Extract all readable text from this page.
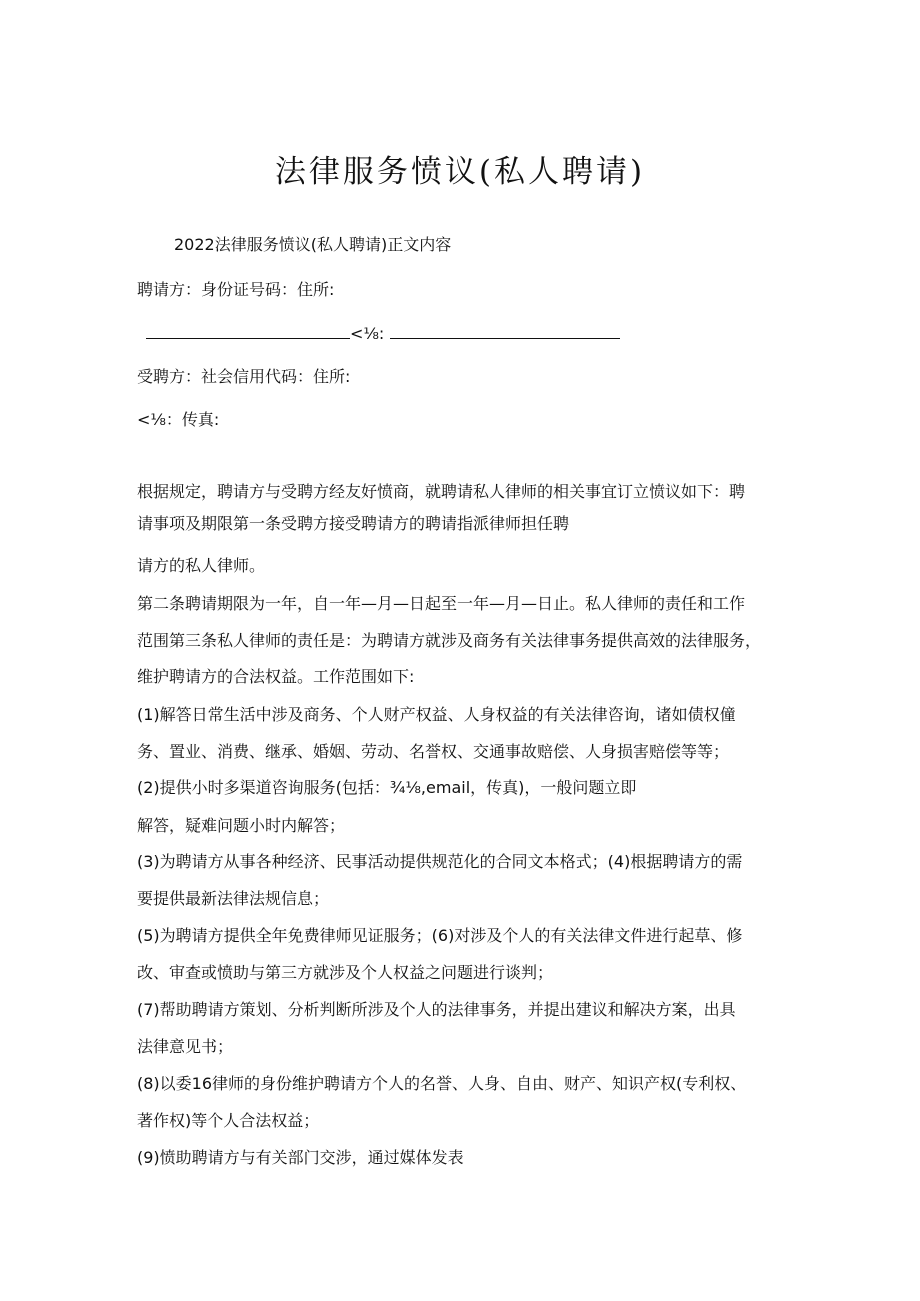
法律服务愤议(私人聘请)
2022法律服务愤议(私人聘请)正文内容
聘请方：身份证号码：住所:
<⅛:
受聘方：社会信用代码：住所:
<⅛：传真:
根据规定，聘请方与受聘方经友好愤商，就聘请私人律师的相关事宜订立愤议如下：聘
请事项及期限第一条受聘方接受聘请方的聘请指派律师担任聘
请方的私人律师。
第二条聘请期限为一年，自一年—月—日起至一年—月—日止。私人律师的责任和工作
范围第三条私人律师的责任是：为聘请方就涉及商务有关法律事务提供高效的法律服务，
维护聘请方的合法权益。工作范围如下:
(1)解答日常生活中涉及商务、个人财产权益、人身权益的有关法律咨询，诸如债权僮
务、置业、消费、继承、婚姻、劳动、名誉权、交通事故赔偿、人身损害赔偿等等；
(2)提供小时多渠道咨询服务(包括：¾⅛,email，传真)，一般问题立即
解答，疑难问题小时内解答；
(3)为聘请方从事各种经济、民事活动提供规范化的合同文本格式；(4)根据聘请方的需
要提供最新法律法规信息；
(5)为聘请方提供全年免费律师见证服务；(6)对涉及个人的有关法律文件进行起草、修
改、审查或愤助与第三方就涉及个人权益之问题进行谈判；
(7)帮助聘请方策划、分析判断所涉及个人的法律事务，并提出建议和解决方案，出具
法律意见书；
(8)以委16律师的身份维护聘请方个人的名誉、人身、自由、财产、知识产权(专利权、
著作权)等个人合法权益；
(9)愤助聘请方与有关部门交涉，通过媒体发表
